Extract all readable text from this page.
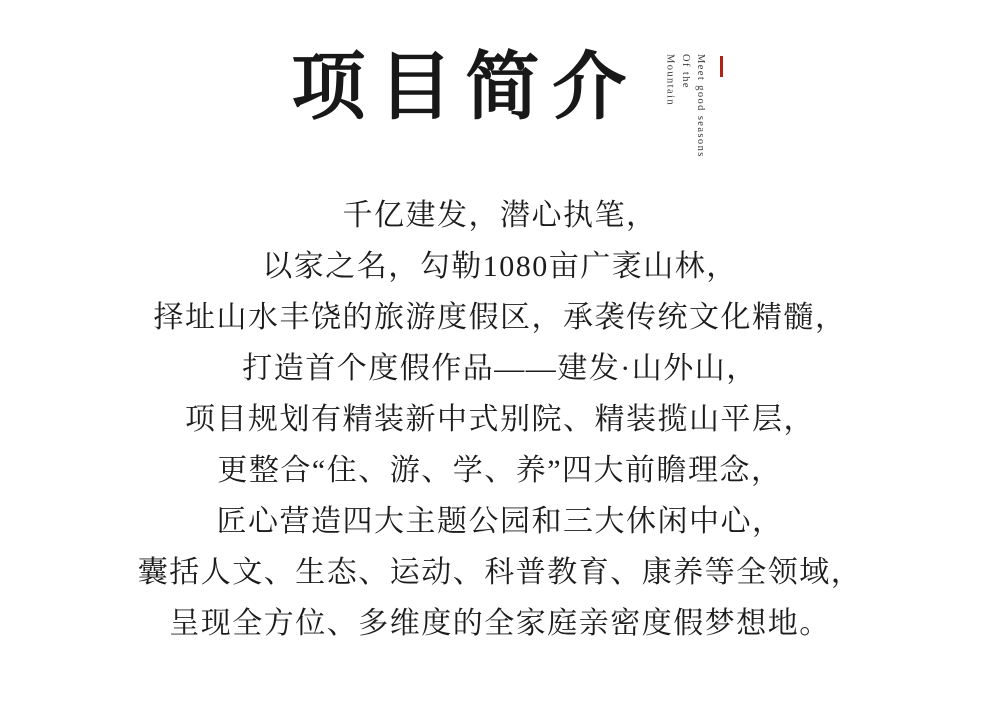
项目简介	Meet good seasons
Of the
Mountain
千亿建发，潜心执笔，
以家之名，勾勒1080亩广袤山林，
择址山水丰饶的旅游度假区，承袭传统文化精髓，
打造首个度假作品——建发·山外山，
项目规划有精装新中式别院、精装揽山平层，
更整合“住、游、学、养”四大前瞻理念，
匠心营造四大主题公园和三大休闲中心，
囊括人文、生态、运动、科普教育、康养等全领域，
呈现全方位、多维度的全家庭亲密度假梦想地。
